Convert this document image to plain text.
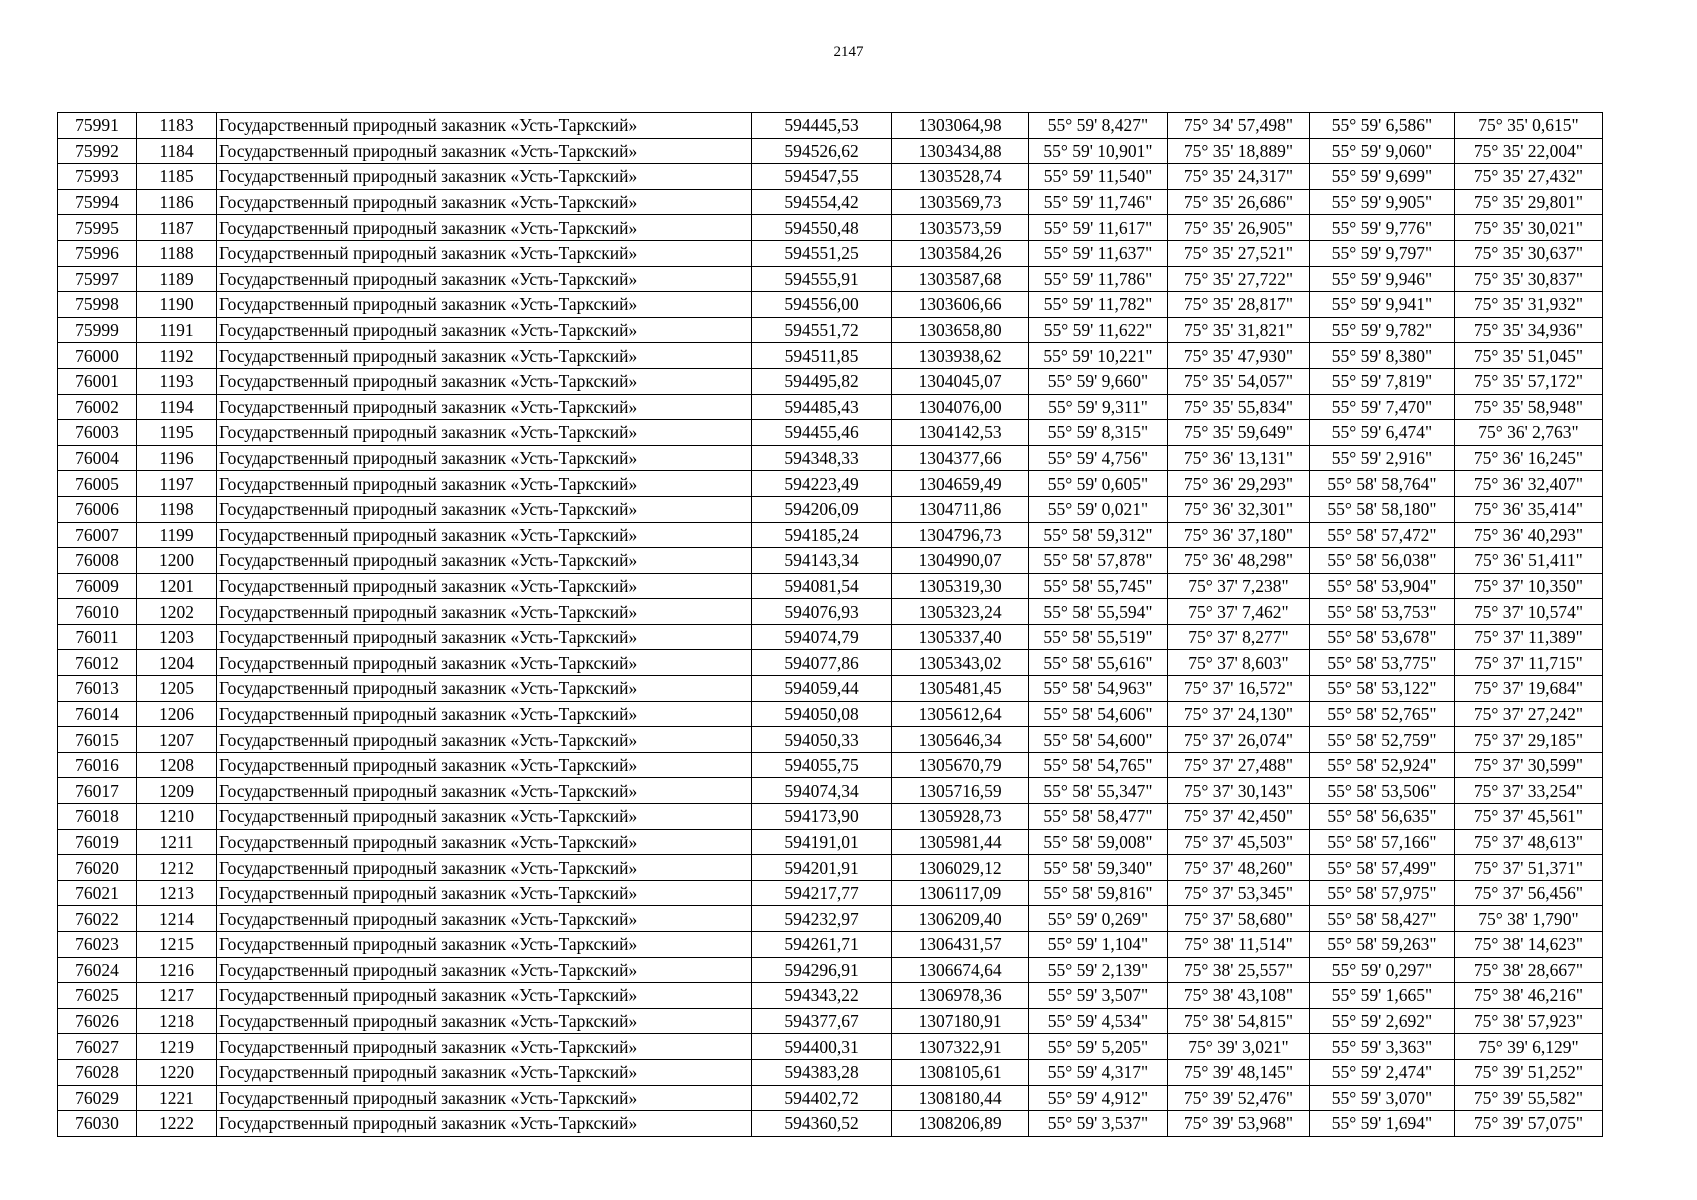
2147
75991	1183	Государственный природный заказник «Усть-Таркский»	594445,53	1303064,98	55° 59' 8,427"	75° 34' 57,498"	55° 59' 6,586"	75° 35' 0,615"
75992	1184	Государственный природный заказник «Усть-Таркский»	594526,62	1303434,88	55° 59' 10,901"	75° 35' 18,889"	55° 59' 9,060"	75° 35' 22,004"
75993	1185	Государственный природный заказник «Усть-Таркский»	594547,55	1303528,74	55° 59' 11,540"	75° 35' 24,317"	55° 59' 9,699"	75° 35' 27,432"
75994	1186	Государственный природный заказник «Усть-Таркский»	594554,42	1303569,73	55° 59' 11,746"	75° 35' 26,686"	55° 59' 9,905"	75° 35' 29,801"
75995	1187	Государственный природный заказник «Усть-Таркский»	594550,48	1303573,59	55° 59' 11,617"	75° 35' 26,905"	55° 59' 9,776"	75° 35' 30,021"
75996	1188	Государственный природный заказник «Усть-Таркский»	594551,25	1303584,26	55° 59' 11,637"	75° 35' 27,521"	55° 59' 9,797"	75° 35' 30,637"
75997	1189	Государственный природный заказник «Усть-Таркский»	594555,91	1303587,68	55° 59' 11,786"	75° 35' 27,722"	55° 59' 9,946"	75° 35' 30,837"
75998	1190	Государственный природный заказник «Усть-Таркский»	594556,00	1303606,66	55° 59' 11,782"	75° 35' 28,817"	55° 59' 9,941"	75° 35' 31,932"
75999	1191	Государственный природный заказник «Усть-Таркский»	594551,72	1303658,80	55° 59' 11,622"	75° 35' 31,821"	55° 59' 9,782"	75° 35' 34,936"
76000	1192	Государственный природный заказник «Усть-Таркский»	594511,85	1303938,62	55° 59' 10,221"	75° 35' 47,930"	55° 59' 8,380"	75° 35' 51,045"
76001	1193	Государственный природный заказник «Усть-Таркский»	594495,82	1304045,07	55° 59' 9,660"	75° 35' 54,057"	55° 59' 7,819"	75° 35' 57,172"
76002	1194	Государственный природный заказник «Усть-Таркский»	594485,43	1304076,00	55° 59' 9,311"	75° 35' 55,834"	55° 59' 7,470"	75° 35' 58,948"
76003	1195	Государственный природный заказник «Усть-Таркский»	594455,46	1304142,53	55° 59' 8,315"	75° 35' 59,649"	55° 59' 6,474"	75° 36' 2,763"
76004	1196	Государственный природный заказник «Усть-Таркский»	594348,33	1304377,66	55° 59' 4,756"	75° 36' 13,131"	55° 59' 2,916"	75° 36' 16,245"
76005	1197	Государственный природный заказник «Усть-Таркский»	594223,49	1304659,49	55° 59' 0,605"	75° 36' 29,293"	55° 58' 58,764"	75° 36' 32,407"
76006	1198	Государственный природный заказник «Усть-Таркский»	594206,09	1304711,86	55° 59' 0,021"	75° 36' 32,301"	55° 58' 58,180"	75° 36' 35,414"
76007	1199	Государственный природный заказник «Усть-Таркский»	594185,24	1304796,73	55° 58' 59,312"	75° 36' 37,180"	55° 58' 57,472"	75° 36' 40,293"
76008	1200	Государственный природный заказник «Усть-Таркский»	594143,34	1304990,07	55° 58' 57,878"	75° 36' 48,298"	55° 58' 56,038"	75° 36' 51,411"
76009	1201	Государственный природный заказник «Усть-Таркский»	594081,54	1305319,30	55° 58' 55,745"	75° 37' 7,238"	55° 58' 53,904"	75° 37' 10,350"
76010	1202	Государственный природный заказник «Усть-Таркский»	594076,93	1305323,24	55° 58' 55,594"	75° 37' 7,462"	55° 58' 53,753"	75° 37' 10,574"
76011	1203	Государственный природный заказник «Усть-Таркский»	594074,79	1305337,40	55° 58' 55,519"	75° 37' 8,277"	55° 58' 53,678"	75° 37' 11,389"
76012	1204	Государственный природный заказник «Усть-Таркский»	594077,86	1305343,02	55° 58' 55,616"	75° 37' 8,603"	55° 58' 53,775"	75° 37' 11,715"
76013	1205	Государственный природный заказник «Усть-Таркский»	594059,44	1305481,45	55° 58' 54,963"	75° 37' 16,572"	55° 58' 53,122"	75° 37' 19,684"
76014	1206	Государственный природный заказник «Усть-Таркский»	594050,08	1305612,64	55° 58' 54,606"	75° 37' 24,130"	55° 58' 52,765"	75° 37' 27,242"
76015	1207	Государственный природный заказник «Усть-Таркский»	594050,33	1305646,34	55° 58' 54,600"	75° 37' 26,074"	55° 58' 52,759"	75° 37' 29,185"
76016	1208	Государственный природный заказник «Усть-Таркский»	594055,75	1305670,79	55° 58' 54,765"	75° 37' 27,488"	55° 58' 52,924"	75° 37' 30,599"
76017	1209	Государственный природный заказник «Усть-Таркский»	594074,34	1305716,59	55° 58' 55,347"	75° 37' 30,143"	55° 58' 53,506"	75° 37' 33,254"
76018	1210	Государственный природный заказник «Усть-Таркский»	594173,90	1305928,73	55° 58' 58,477"	75° 37' 42,450"	55° 58' 56,635"	75° 37' 45,561"
76019	1211	Государственный природный заказник «Усть-Таркский»	594191,01	1305981,44	55° 58' 59,008"	75° 37' 45,503"	55° 58' 57,166"	75° 37' 48,613"
76020	1212	Государственный природный заказник «Усть-Таркский»	594201,91	1306029,12	55° 58' 59,340"	75° 37' 48,260"	55° 58' 57,499"	75° 37' 51,371"
76021	1213	Государственный природный заказник «Усть-Таркский»	594217,77	1306117,09	55° 58' 59,816"	75° 37' 53,345"	55° 58' 57,975"	75° 37' 56,456"
76022	1214	Государственный природный заказник «Усть-Таркский»	594232,97	1306209,40	55° 59' 0,269"	75° 37' 58,680"	55° 58' 58,427"	75° 38' 1,790"
76023	1215	Государственный природный заказник «Усть-Таркский»	594261,71	1306431,57	55° 59' 1,104"	75° 38' 11,514"	55° 58' 59,263"	75° 38' 14,623"
76024	1216	Государственный природный заказник «Усть-Таркский»	594296,91	1306674,64	55° 59' 2,139"	75° 38' 25,557"	55° 59' 0,297"	75° 38' 28,667"
76025	1217	Государственный природный заказник «Усть-Таркский»	594343,22	1306978,36	55° 59' 3,507"	75° 38' 43,108"	55° 59' 1,665"	75° 38' 46,216"
76026	1218	Государственный природный заказник «Усть-Таркский»	594377,67	1307180,91	55° 59' 4,534"	75° 38' 54,815"	55° 59' 2,692"	75° 38' 57,923"
76027	1219	Государственный природный заказник «Усть-Таркский»	594400,31	1307322,91	55° 59' 5,205"	75° 39' 3,021"	55° 59' 3,363"	75° 39' 6,129"
76028	1220	Государственный природный заказник «Усть-Таркский»	594383,28	1308105,61	55° 59' 4,317"	75° 39' 48,145"	55° 59' 2,474"	75° 39' 51,252"
76029	1221	Государственный природный заказник «Усть-Таркский»	594402,72	1308180,44	55° 59' 4,912"	75° 39' 52,476"	55° 59' 3,070"	75° 39' 55,582"
76030	1222	Государственный природный заказник «Усть-Таркский»	594360,52	1308206,89	55° 59' 3,537"	75° 39' 53,968"	55° 59' 1,694"	75° 39' 57,075"
